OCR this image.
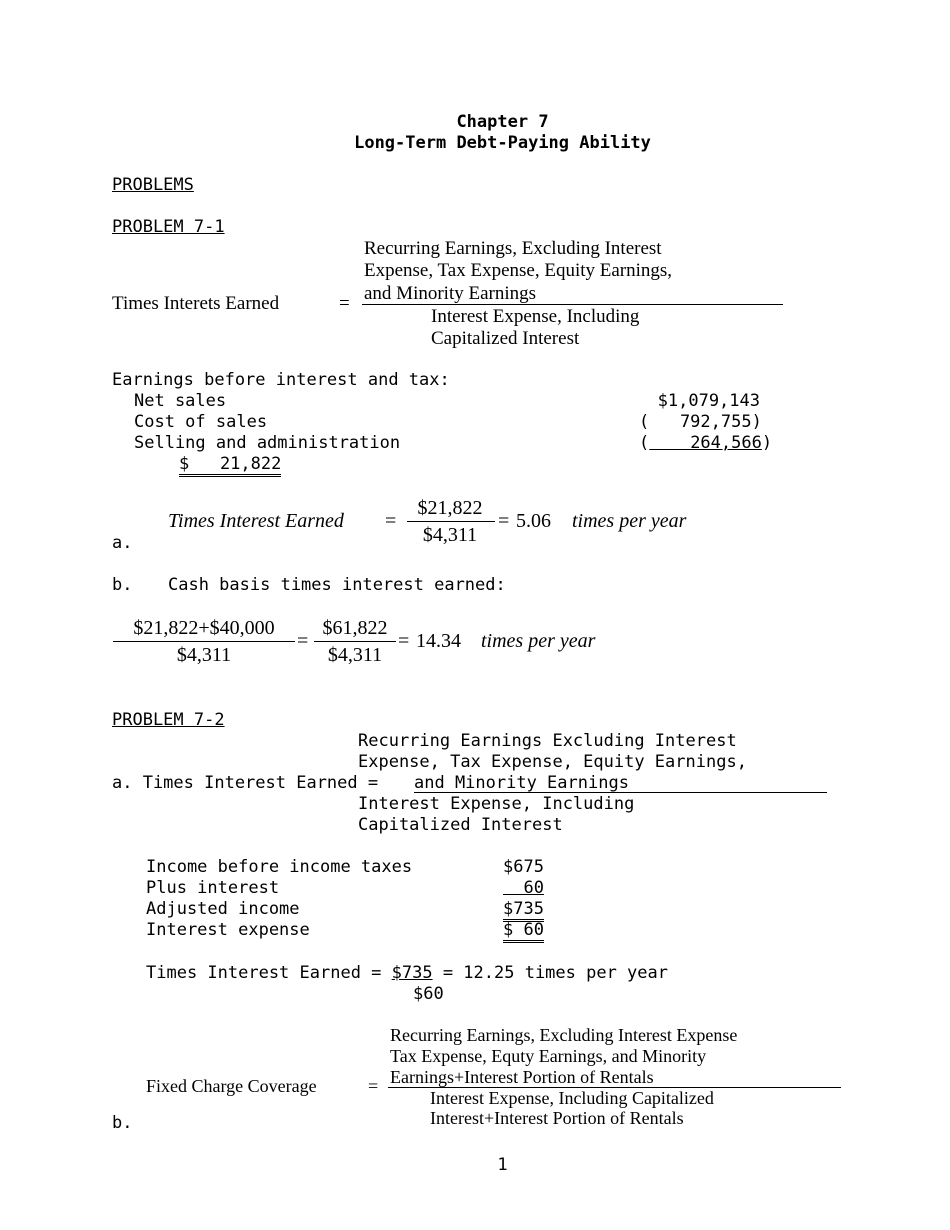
Chapter 7
Long-Term Debt-Paying Ability
PROBLEMS
PROBLEM 7-1
Recurring Earnings, Excluding Interest
Expense, Tax Expense, Equity Earnings,
and Minority Earnings
Times Interets Earned	=
Interest Expense, Including
Capitalized Interest
Earnings before interest and tax:
Net sales	$1,079,143
Cost of sales	(   792,755)
Selling and administration	(    264,566)
$   21,822
Times Interest Earned =
$21,822
$4,311
= 5.06 times per year
a.
b. Cash basis times interest earned:
$21,822+$40,000
$4,311
=
$61,822
$4,311
= 14.34 times per year
PROBLEM 7-2
Recurring Earnings Excluding Interest
Expense, Tax Expense, Equity Earnings,
a. Times Interest Earned = and Minority Earnings
Interest Expense, Including
Capitalized Interest
Income before income taxes	$675
Plus interest	60
Adjusted income	$735
Interest expense	$ 60
Times Interest Earned = $735 = 12.25 times per year
$60
Recurring Earnings, Excluding Interest Expense
Tax Expense, Equty Earnings, and Minority
Earnings+Interest Portion of Rentals
Fixed Charge Coverage	=
Interest Expense, Including Capitalized
Interest+Interest Portion of Rentals
b.
1
